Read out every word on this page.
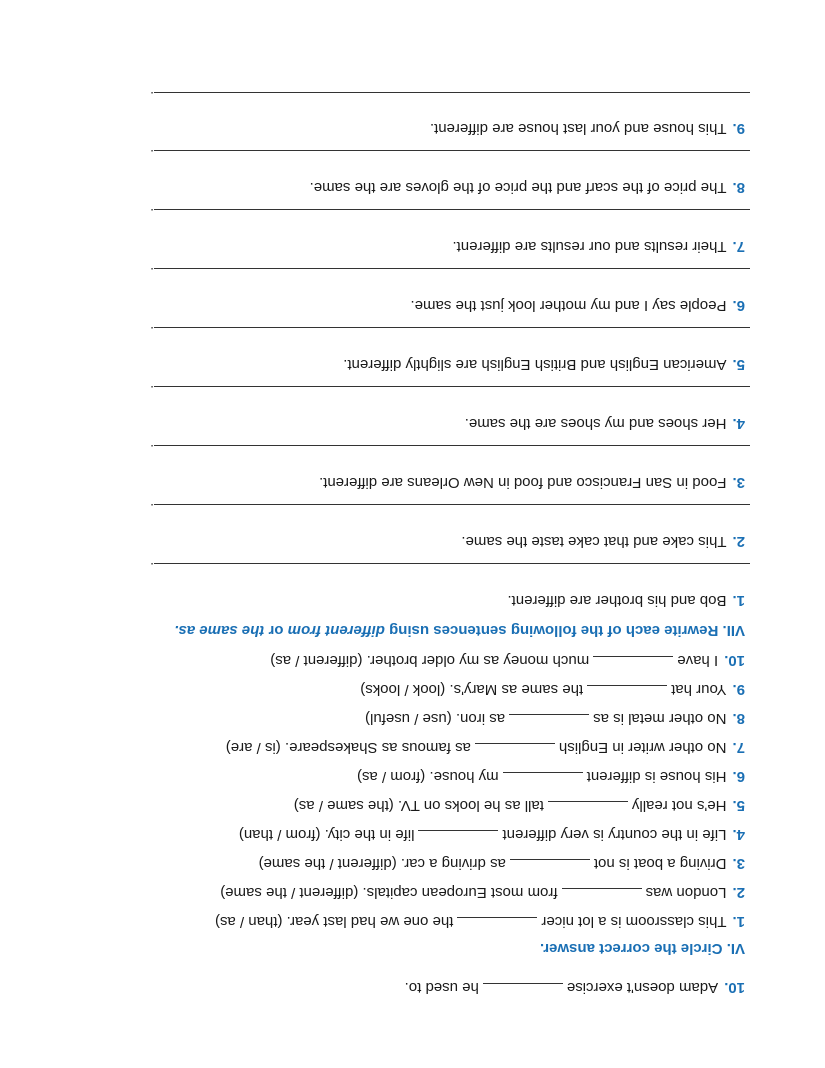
10.Adam doesn't exercisehe used to.
VI. Circle the correct answer.
1.This classroom is a lot nicerthe one we had last year. (than / as)
2.London wasfrom most European capitals. (different / the same)
3.Driving a boat is notas driving a car. (different / the same)
4.Life in the country is very differentlife in the city. (from / than)
5.He's not reallytall as he looks on TV. (the same / as)
6.His house is differentmy house. (from / as)
7.No other writer in Englishas famous as Shakespeare. (is / are)
8.No other metal is asas iron. (use / useful)
9.Your hatthe same as Mary's. (look / looks)
10.I havemuch money as my older brother. (different / as)
VII. Rewrite each of the following sentences using different from or the same as.
1.Bob and his brother are different.
.
2.This cake and that cake taste the same.
.
3.Food in San Francisco and food in New Orleans are different.
.
4.Her shoes and my shoes are the same.
.
5.American English and British English are slightly different.
.
6.People say I and my mother look just the same.
.
7.Their results and our results are different.
.
8.The price of the scarf and the price of the gloves are the same.
.
9.This house and your last house are different.
.
